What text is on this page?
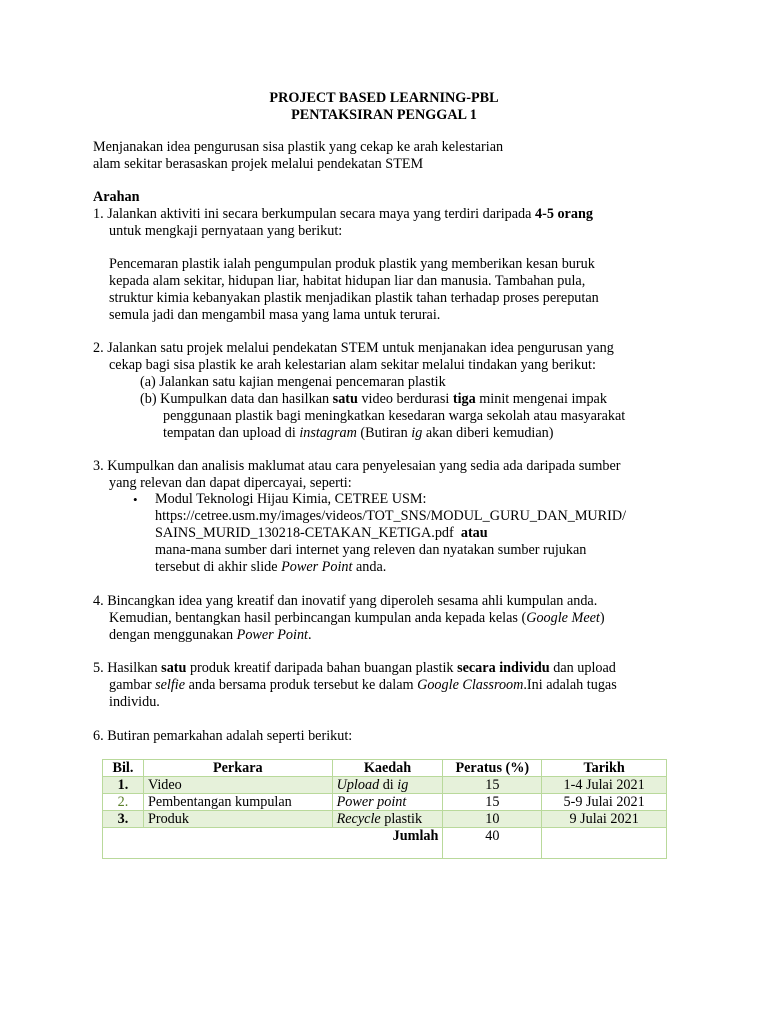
PROJECT BASED LEARNING-PBL
PENTAKSIRAN PENGGAL 1
Menjanakan idea pengurusan sisa plastik yang cekap ke arah kelestarian
alam sekitar berasaskan projek melalui pendekatan STEM
Arahan
1. Jalankan aktiviti ini secara berkumpulan secara maya yang terdiri daripada 4-5 orang
untuk mengkaji pernyataan yang berikut:
Pencemaran plastik ialah pengumpulan produk plastik yang memberikan kesan buruk
kepada alam sekitar, hidupan liar, habitat hidupan liar dan manusia. Tambahan pula,
struktur kimia kebanyakan plastik menjadikan plastik tahan terhadap proses pereputan
semula jadi dan mengambil masa yang lama untuk terurai.
2. Jalankan satu projek melalui pendekatan STEM untuk menjanakan idea pengurusan yang
cekap bagi sisa plastik ke arah kelestarian alam sekitar melalui tindakan yang berikut:
(a) Jalankan satu kajian mengenai pencemaran plastik
(b) Kumpulkan data dan hasilkan satu video berdurasi tiga minit mengenai impak
penggunaan plastik bagi meningkatkan kesedaran warga sekolah atau masyarakat
tempatan dan upload di instagram (Butiran ig akan diberi kemudian)
3. Kumpulkan dan analisis maklumat atau cara penyelesaian yang sedia ada daripada sumber
yang relevan dan dapat dipercayai, seperti:
• Modul Teknologi Hijau Kimia, CETREE USM:
https://cetree.usm.my/images/videos/TOT_SNS/MODUL_GURU_DAN_MURID/
SAINS_MURID_130218-CETAKAN_KETIGA.pdf atau
mana-mana sumber dari internet yang releven dan nyatakan sumber rujukan
tersebut di akhir slide Power Point anda.
4. Bincangkan idea yang kreatif dan inovatif yang diperoleh sesama ahli kumpulan anda.
Kemudian, bentangkan hasil perbincangan kumpulan anda kepada kelas (Google Meet)
dengan menggunakan Power Point.
5. Hasilkan satu produk kreatif daripada bahan buangan plastik secara individu dan upload
gambar selfie anda bersama produk tersebut ke dalam Google Classroom.Ini adalah tugas
individu.
6. Butiran pemarkahan adalah seperti berikut:
Bil.	Perkara	Kaedah	Peratus (%)	Tarikh
1.	Video	Upload di ig	15	1-4 Julai 2021
2.	Pembentangan kumpulan	Power point	15	5-9 Julai 2021
3.	Produk	Recycle plastik	10	9 Julai 2021
Jumlah			40	
